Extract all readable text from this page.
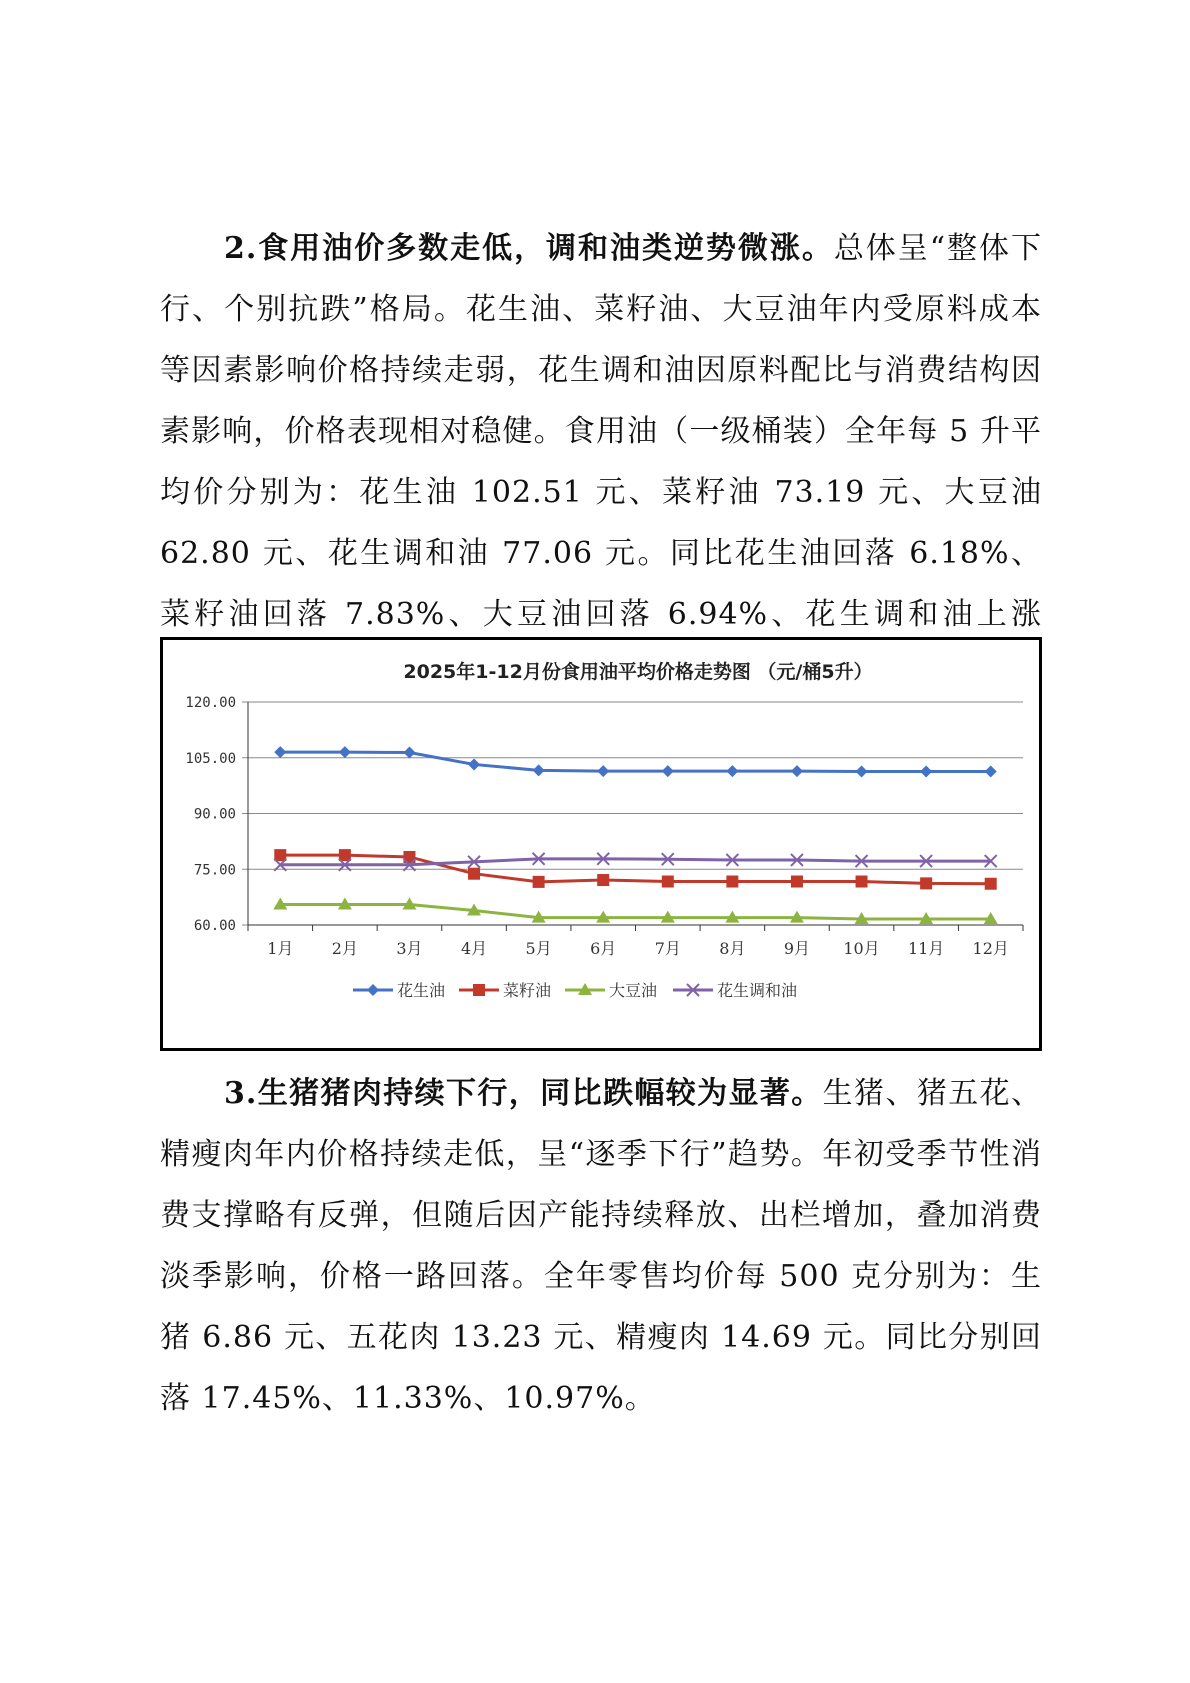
2.食用油价多数走低，调和油类逆势微涨。总体呈“整体下行、个别抗跌”格局。花生油、菜籽油、大豆油年内受原料成本等因素影响价格持续走弱，花生调和油因原料配比与消费结构因素影响，价格表现相对稳健。食用油（一级桶装）全年每 5 升平均价分别为：花生油 102.51 元、菜籽油 73.19 元、大豆油 62.80 元、花生调和油 77.06 元。同比花生油回落 6.18%、菜籽油回落 7.83%、大豆油回落 6.94%、花生调和油上涨

2025年1-12月份食用油平均价格走势图 （元/桶5升）
120.00
105.00
90.00
75.00
60.00
1月 2月 3月 4月 5月 6月 7月 8月 9月 10月 11月 12月
花生油	菜籽油	大豆油	花生调和油

3.生猪猪肉持续下行，同比跌幅较为显著。生猪、猪五花、精瘦肉年内价格持续走低，呈“逐季下行”趋势。年初受季节性消费支撑略有反弹，但随后因产能持续释放、出栏增加，叠加消费淡季影响，价格一路回落。全年零售均价每 500 克分别为：生猪 6.86 元、五花肉 13.23 元、精瘦肉 14.69 元。同比分别回落 17.45%、11.33%、10.97%。
